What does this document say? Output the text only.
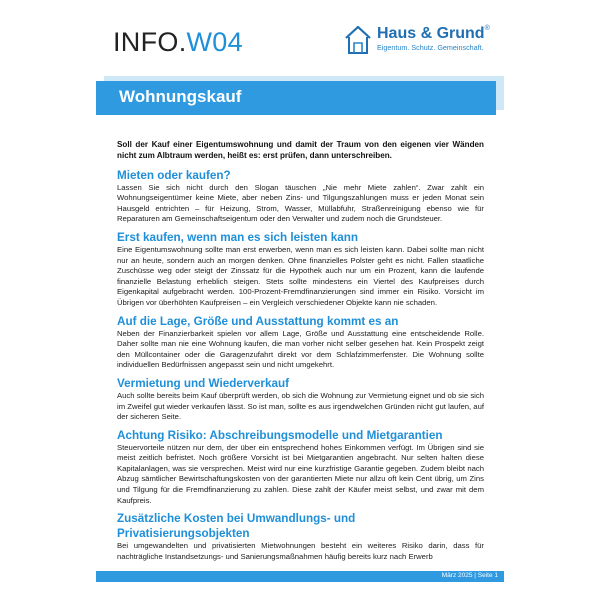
INFO.W04	Haus & Grund®
Eigentum. Schutz. Gemeinschaft.
Wohnungskauf

Soll der Kauf einer Eigentumswohnung und damit der Traum von den eigenen vier Wänden nicht zum Albtraum werden, heißt es: erst prüfen, dann unterschreiben.

Mieten oder kaufen?

Lassen Sie sich nicht durch den Slogan täuschen „Nie mehr Miete zahlen“. Zwar zahlt ein Wohnungseigentümer keine Miete, aber neben Zins- und Tilgungszahlungen muss er jeden Monat sein Hausgeld entrichten – für Heizung, Strom, Wasser, Müllabfuhr, Straßenreinigung ebenso wie für Reparaturen am Gemeinschaftseigentum oder den Verwalter und zudem noch die Grundsteuer.

Erst kaufen, wenn man es sich leisten kann

Eine Eigentumswohnung sollte man erst erwerben, wenn man es sich leisten kann. Dabei sollte man nicht nur an heute, sondern auch an morgen denken. Ohne finanzielles Polster geht es nicht. Fallen staatliche Zuschüsse weg oder steigt der Zinssatz für die Hypothek auch nur um ein Prozent, kann die laufende finanzielle Belastung erheblich steigen. Stets sollte mindestens ein Viertel des Kaufpreises durch Eigenkapital aufgebracht werden. 100-Prozent-Fremdfinanzierungen sind immer ein Risiko. Vorsicht im Übrigen vor überhöhten Kaufpreisen – ein Vergleich verschiedener Objekte kann nie schaden.

Auf die Lage, Größe und Ausstattung kommt es an

Neben der Finanzierbarkeit spielen vor allem Lage, Größe und Ausstattung eine entscheidende Rolle. Daher sollte man nie eine Wohnung kaufen, die man vorher nicht selber gesehen hat. Kein Prospekt zeigt den Müllcontainer oder die Garagenzufahrt direkt vor dem Schlafzimmerfenster. Die Wohnung sollte individuellen Bedürfnissen angepasst sein und nicht umgekehrt.

Vermietung und Wiederverkauf

Auch sollte bereits beim Kauf überprüft werden, ob sich die Wohnung zur Vermietung eignet und ob sie sich im Zweifel gut wieder verkaufen lässt. So ist man, sollte es aus irgendwelchen Gründen nicht gut laufen, auf der sicheren Seite.

Achtung Risiko: Abschreibungsmodelle und Mietgarantien

Steuervorteile nützen nur dem, der über ein entsprechend hohes Einkommen verfügt. Im Übrigen sind sie meist zeitlich befristet. Noch größere Vorsicht ist bei Mietgarantien angebracht. Nur selten halten diese Kapitalanlagen, was sie versprechen. Meist wird nur eine kurzfristige Garantie gegeben. Zudem bleibt nach Abzug sämtlicher Bewirtschaftungskosten von der garantierten Miete nur allzu oft kein Cent übrig, um Zins und Tilgung für die Fremdfinanzierung zu zahlen. Diese zahlt der Käufer meist selbst, und zwar mit dem Kaufpreis.

Zusätzliche Kosten bei Umwandlungs- und Privatisierungsobjekten

Bei umgewandelten und privatisierten Mietwohnungen besteht ein weiteres Risiko darin, dass für nachträgliche Instandsetzungs- und Sanierungsmaßnahmen häufig bereits kurz nach Erwerb

März 2025 | Seite 1
